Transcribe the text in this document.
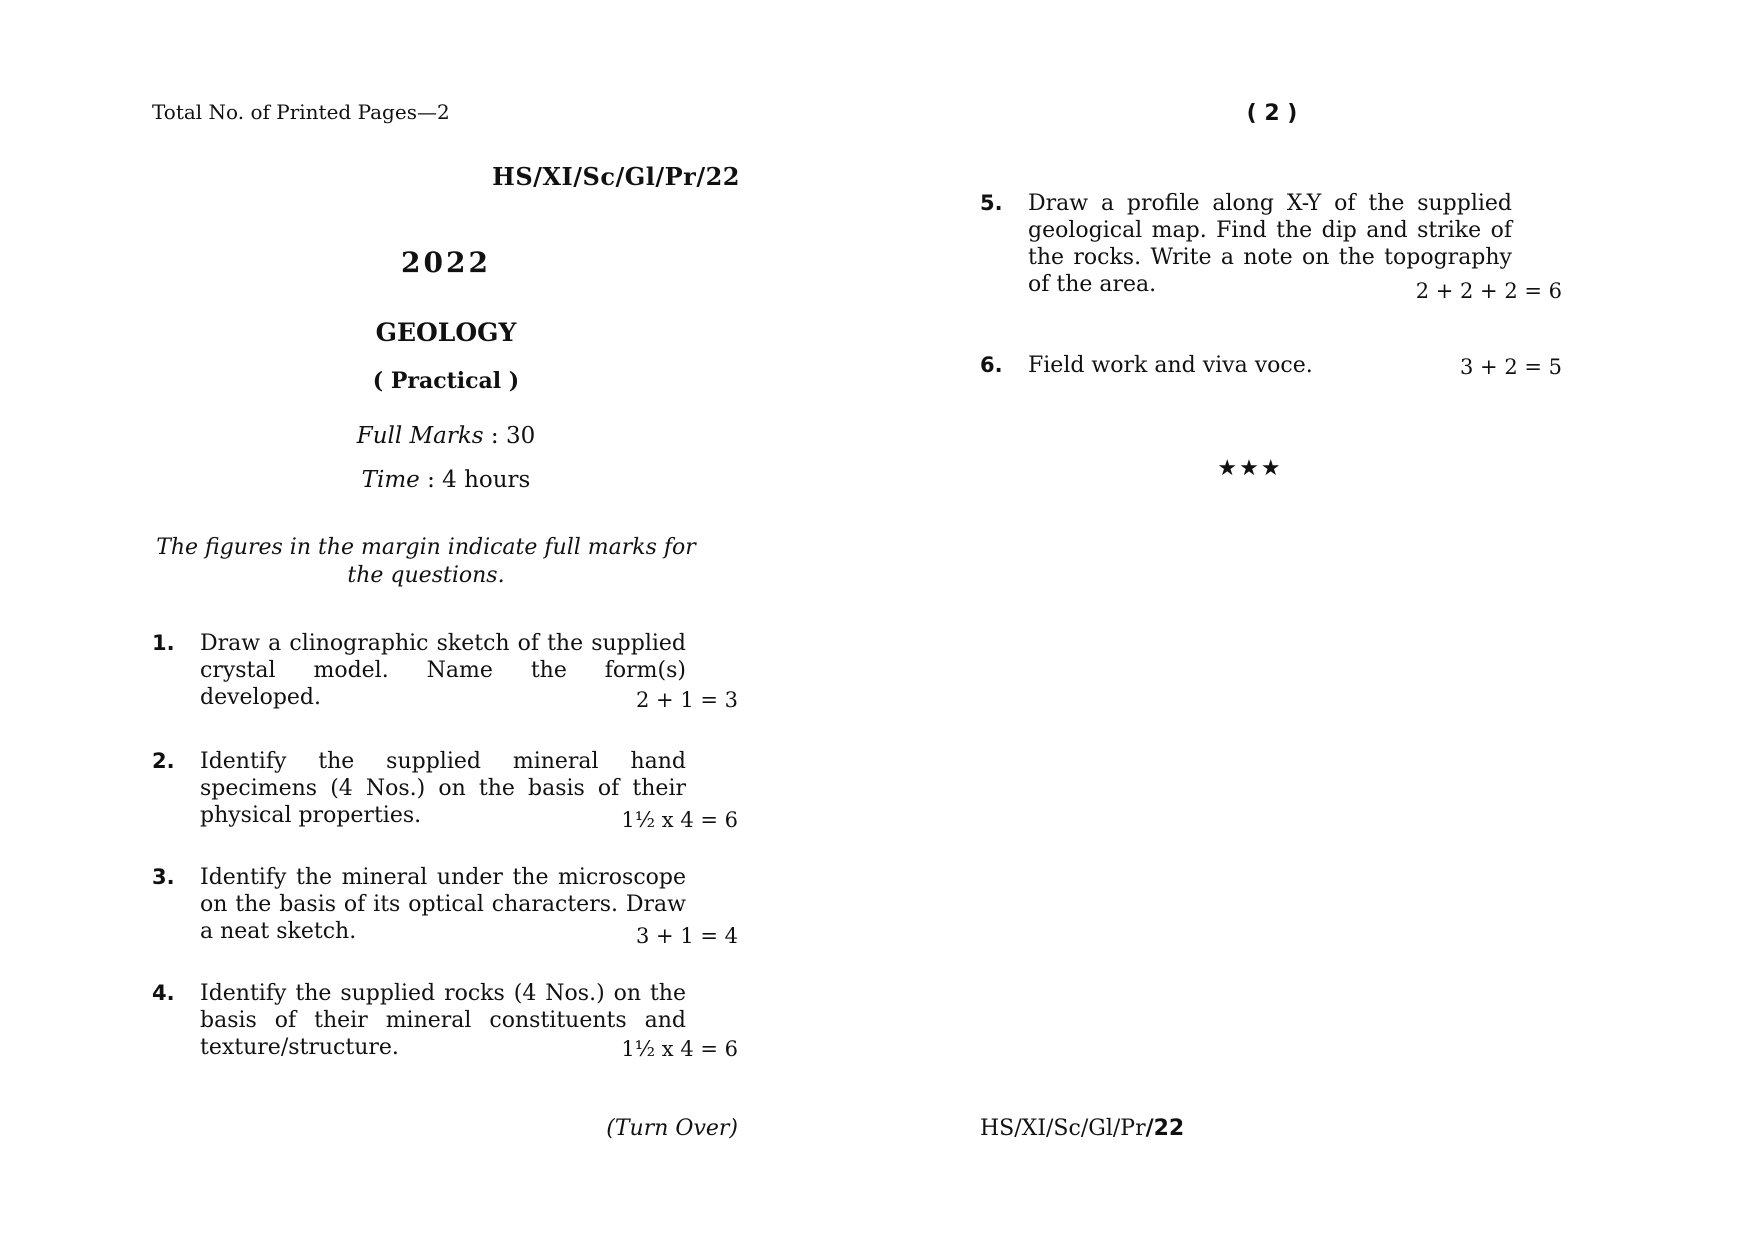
Total No. of Printed Pages—2
HS/XI/Sc/Gl/Pr/22
2022
GEOLOGY
( Practical )
Full Marks : 30
Time : 4 hours
The figures in the margin indicate full marks for
the questions.
1.	Draw a clinographic sketch of the supplied crystal model. Name the form(s) developed.	2 + 1 = 3
2.	Identify the supplied mineral hand specimens (4 Nos.) on the basis of their physical properties.	1½ x 4 = 6
3.	Identify the mineral under the microscope on the basis of its optical characters. Draw a neat sketch.	3 + 1 = 4
4.	Identify the supplied rocks (4 Nos.) on the basis of their mineral constituents and texture/structure.	1½ x 4 = 6
(Turn Over)
( 2 )
5.	Draw a profile along X-Y of the supplied geological map. Find the dip and strike of the rocks. Write a note on the topography of the area.	2 + 2 + 2 = 6
6.	Field work and viva voce.	3 + 2 = 5
★★★
HS/XI/Sc/Gl/Pr/22
